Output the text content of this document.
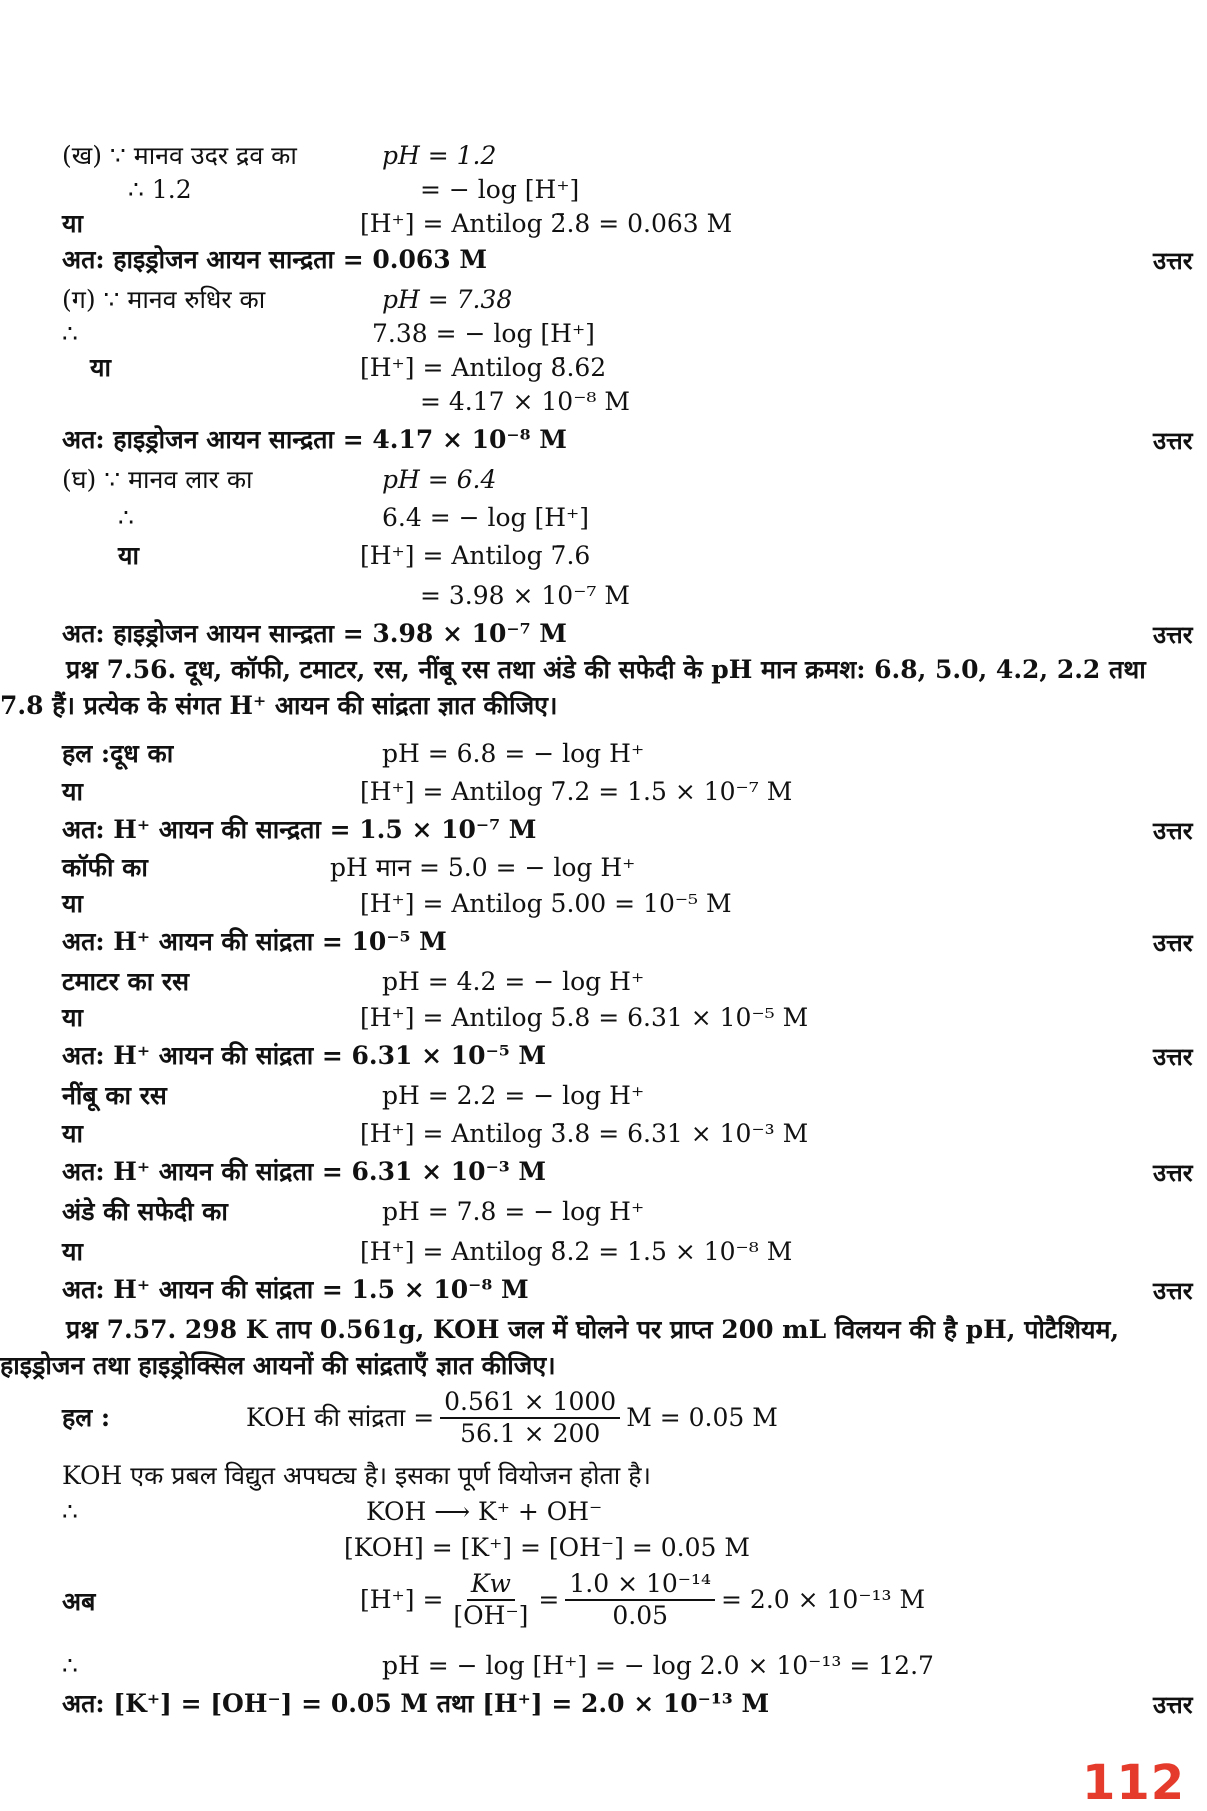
(ख) ∵ मानव उदर द्रव का	pH = 1.2
∴ 1.2	= − log [H⁺]
या	[H⁺] = Antilog 2̄.8 = 0.063 M
अत: हाइड्रोजन आयन सान्द्रता = 0.063 M	उत्तर
(ग) ∵ मानव रुधिर का	pH = 7.38
∴	7.38 = − log [H⁺]
या	[H⁺] = Antilog 8̄.62
= 4.17 × 10⁻⁸ M
अत: हाइड्रोजन आयन सान्द्रता = 4.17 × 10⁻⁸ M	उत्तर
(घ) ∵ मानव लार का	pH = 6.4
∴	6.4 = − log [H⁺]
या	[H⁺] = Antilog 7̄.6
= 3.98 × 10⁻⁷ M
अत: हाइड्रोजन आयन सान्द्रता = 3.98 × 10⁻⁷ M	उत्तर
प्रश्न 7.56. दूध, कॉफी, टमाटर, रस, नींबू रस तथा अंडे की सफेदी के pH मान क्रमश: 6.8, 5.0, 4.2, 2.2 तथा
7.8 हैं। प्रत्येक के संगत H⁺ आयन की सांद्रता ज्ञात कीजिए।
हल :दूध का	pH = 6.8 = − log H⁺
या	[H⁺] = Antilog 7̄.2 = 1.5 × 10⁻⁷ M
अत: H⁺ आयन की सान्द्रता = 1.5 × 10⁻⁷ M	उत्तर
कॉफी का	pH मान = 5.0 = − log H⁺
या	[H⁺] = Antilog 5̄.00 = 10⁻⁵ M
अत: H⁺ आयन की सांद्रता = 10⁻⁵ M	उत्तर
टमाटर का रस	pH = 4.2 = − log H⁺
या	[H⁺] = Antilog 5̄.8 = 6.31 × 10⁻⁵ M
अत: H⁺ आयन की सांद्रता = 6.31 × 10⁻⁵ M	उत्तर
नींबू का रस	pH = 2.2 = − log H⁺
या	[H⁺] = Antilog 3̄.8 = 6.31 × 10⁻³ M
अत: H⁺ आयन की सांद्रता = 6.31 × 10⁻³ M	उत्तर
अंडे की सफेदी का	pH = 7.8 = − log H⁺
या	[H⁺] = Antilog 8̄.2 = 1.5 × 10⁻⁸ M
अत: H⁺ आयन की सांद्रता = 1.5 × 10⁻⁸ M	उत्तर
प्रश्न 7.57. 298 K ताप 0.561g, KOH जल में घोलने पर प्राप्त 200 mL विलयन की है pH, पोटैशियम,
हाइड्रोजन तथा हाइड्रोक्सिल आयनों की सांद्रताएँ ज्ञात कीजिए।
हल :	KOH की सांद्रता = $\frac{0.561 \times 1000}{56.1 \times 200}$ M = 0.05 M
KOH एक प्रबल विद्युत अपघट्य है। इसका पूर्ण वियोजन होता है।
∴	KOH ⟶ K⁺ + OH⁻
[KOH] = [K⁺] = [OH⁻] = 0.05 M
अब	$[H^+] = \frac{Kw}{[OH^-]} = \frac{\text{1.0 × 10⁻¹⁴}}{0.05} = 2.0 \times 10^{-13}$ M
∴	pH = − log [H⁺] = − log 2.0 × 10⁻¹³ = 12.7
अत: [K⁺] = [OH⁻] = 0.05 M तथा [H⁺] = 2.0 × 10⁻¹³ M	उत्तर
112
